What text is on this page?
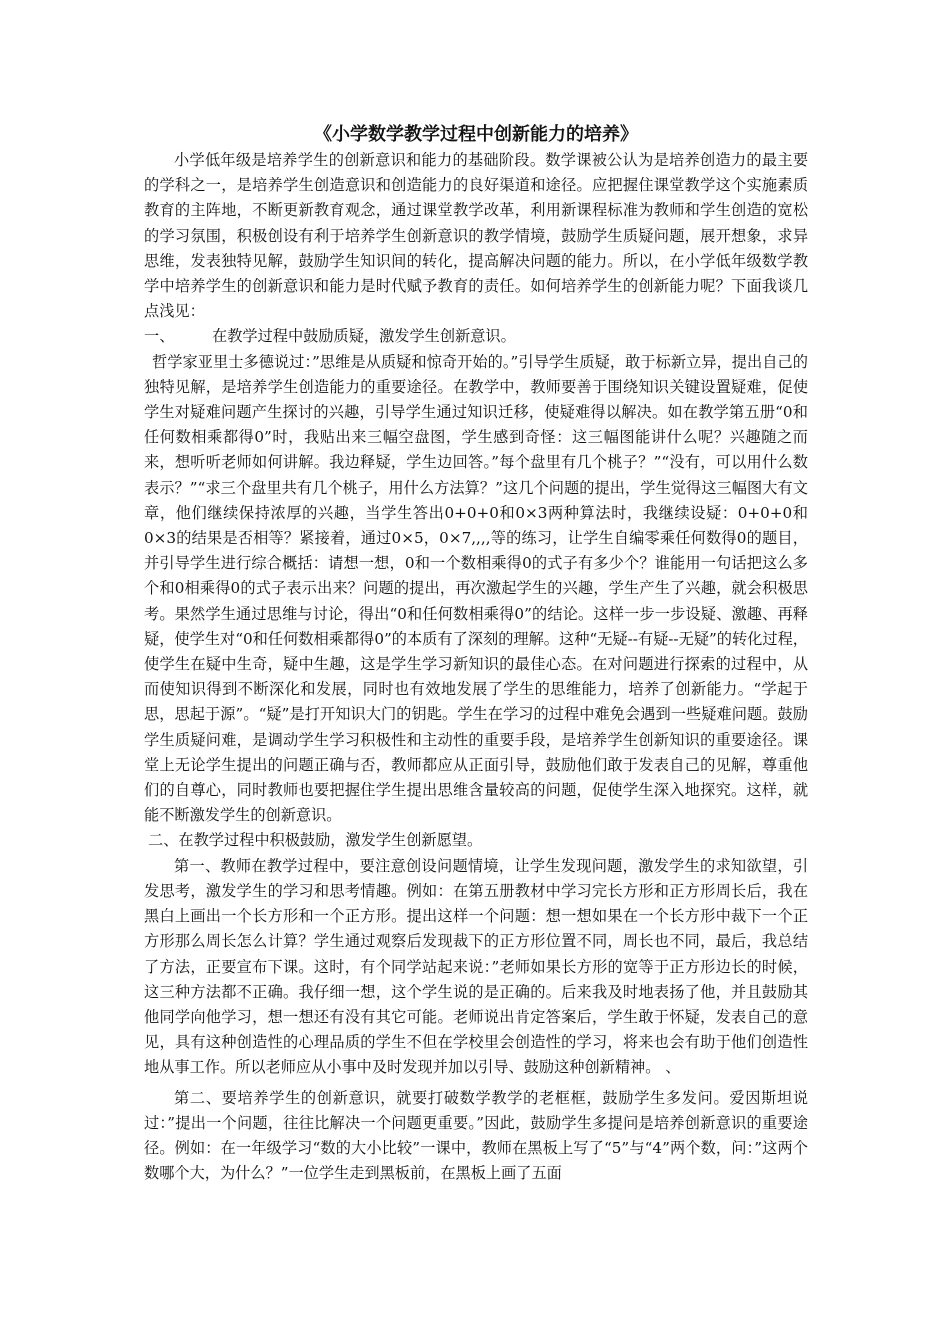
《小学数学教学过程中创新能力的培养》

小学低年级是培养学生的创新意识和能力的基础阶段。数学课被公认为是培养创造力的最主要的学科之一，是培养学生创造意识和创造能力的良好渠道和途径。应把握住课堂教学这个实施素质教育的主阵地，不断更新教育观念，通过课堂教学改革，利用新课程标准为教师和学生创造的宽松的学习氛围，积极创设有利于培养学生创新意识的教学情境，鼓励学生质疑问题，展开想象，求异思维，发表独特见解，鼓励学生知识间的转化，提高解决问题的能力。所以，在小学低年级数学教学中培养学生的创新意识和能力是时代赋予教育的责任。如何培养学生的创新能力呢？下面我谈几点浅见：

一、 在教学过程中鼓励质疑，激发学生创新意识。

哲学家亚里士多德说过：”思维是从质疑和惊奇开始的。”引导学生质疑，敢于标新立异，提出自己的独特见解，是培养学生创造能力的重要途径。在教学中，教师要善于围绕知识关键设置疑难，促使学生对疑难问题产生探讨的兴趣，引导学生通过知识迁移，使疑难得以解决。如在教学第五册“0和任何数相乘都得0”时，我贴出来三幅空盘图，学生感到奇怪：这三幅图能讲什么呢？兴趣随之而来，想听听老师如何讲解。我边释疑，学生边回答。”每个盘里有几个桃子？”“没有，可以用什么数表示？”“求三个盘里共有几个桃子，用什么方法算？”这几个问题的提出，学生觉得这三幅图大有文章，他们继续保持浓厚的兴趣，当学生答出0+0+0和0×3两种算法时，我继续设疑：0+0+0和0×3的结果是否相等？紧接着，通过0×5，0×7,,,,等的练习，让学生自编零乘任何数得0的题目，并引导学生进行综合概括：请想一想，0和一个数相乘得0的式子有多少个？谁能用一句话把这么多个和0相乘得0的式子表示出来？问题的提出，再次激起学生的兴趣，学生产生了兴趣，就会积极思考。果然学生通过思维与讨论，得出“0和任何数相乘得0”的结论。这样一步一步设疑、激趣、再释疑，使学生对“0和任何数相乘都得0”的本质有了深刻的理解。这种“无疑--有疑--无疑”的转化过程，使学生在疑中生奇，疑中生趣，这是学生学习新知识的最佳心态。在对问题进行探索的过程中，从而使知识得到不断深化和发展，同时也有效地发展了学生的思维能力，培养了创新能力。“学起于思，思起于源”。“疑”是打开知识大门的钥匙。学生在学习的过程中难免会遇到一些疑难问题。鼓励学生质疑问难，是调动学生学习积极性和主动性的重要手段，是培养学生创新知识的重要途径。课堂上无论学生提出的问题正确与否，教师都应从正面引导，鼓励他们敢于发表自己的见解，尊重他们的自尊心，同时教师也要把握住学生提出思维含量较高的问题，促使学生深入地探究。这样，就能不断激发学生的创新意识。

二、在教学过程中积极鼓励，激发学生创新愿望。

第一、教师在教学过程中，要注意创设问题情境，让学生发现问题，激发学生的求知欲望，引发思考，激发学生的学习和思考情趣。例如：在第五册教材中学习完长方形和正方形周长后，我在黑白上画出一个长方形和一个正方形。提出这样一个问题：想一想如果在一个长方形中裁下一个正方形那么周长怎么计算？学生通过观察后发现裁下的正方形位置不同，周长也不同，最后，我总结了方法，正要宣布下课。这时，有个同学站起来说：”老师如果长方形的宽等于正方形边长的时候，这三种方法都不正确。我仔细一想，这个学生说的是正确的。后来我及时地表扬了他，并且鼓励其他同学向他学习，想一想还有没有其它可能。老师说出肯定答案后，学生敢于怀疑，发表自己的意见，具有这种创造性的心理品质的学生不但在学校里会创造性的学习，将来也会有助于他们创造性地从事工作。所以老师应从小事中及时发现并加以引导、鼓励这种创新精神。 、

第二、要培养学生的创新意识，就要打破数学教学的老框框，鼓励学生多发问。爱因斯坦说过：”提出一个问题，往往比解决一个问题更重要。”因此，鼓励学生多提问是培养创新意识的重要途径。例如：在一年级学习“数的大小比较”一课中，教师在黑板上写了“5”与“4”两个数，问：”这两个数哪个大，为什么？”一位学生走到黑板前，在黑板上画了五面
